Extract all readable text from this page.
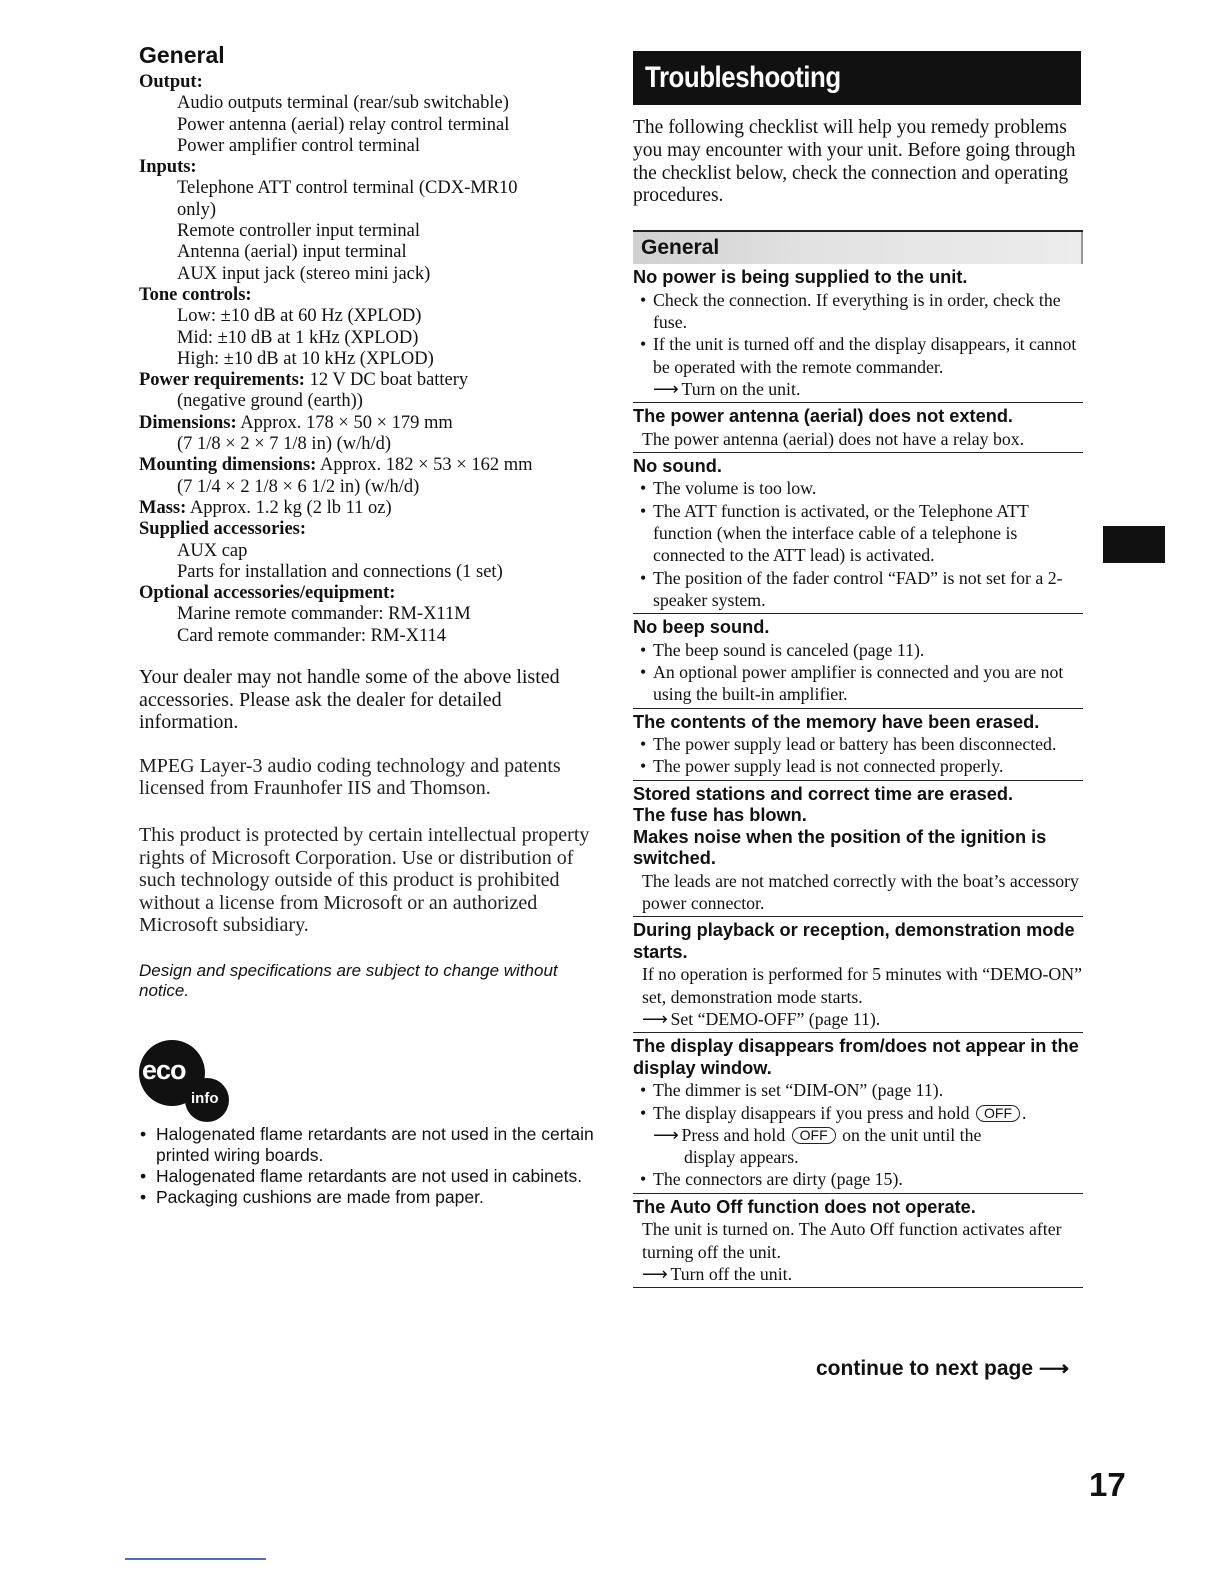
General
Output:
Audio outputs terminal (rear/sub switchable)
Power antenna (aerial) relay control terminal
Power amplifier control terminal
Inputs:
Telephone ATT control terminal (CDX-MR10
only)
Remote controller input terminal
Antenna (aerial) input terminal
AUX input jack (stereo mini jack)
Tone controls:
Low: ±10 dB at 60 Hz (XPLOD)
Mid: ±10 dB at 1 kHz (XPLOD)
High: ±10 dB at 10 kHz (XPLOD)
Power requirements: 12 V DC boat battery
(negative ground (earth))
Dimensions: Approx. 178 × 50 × 179 mm
(7 1/8 × 2 × 7 1/8 in) (w/h/d)
Mounting dimensions: Approx. 182 × 53 × 162 mm
(7 1/4 × 2 1/8 × 6 1/2 in) (w/h/d)
Mass: Approx. 1.2 kg (2 lb 11 oz)
Supplied accessories:
AUX cap
Parts for installation and connections (1 set)
Optional accessories/equipment:
Marine remote commander: RM-X11M
Card remote commander: RM-X114

Your dealer may not handle some of the above listed accessories. Please ask the dealer for detailed information.

MPEG Layer-3 audio coding technology and patents licensed from Fraunhofer IIS and Thomson.

This product is protected by certain intellectual property rights of Microsoft Corporation. Use or distribution of such technology outside of this product is prohibited without a license from Microsoft or an authorized Microsoft subsidiary.

Design and specifications are subject to change without notice.
eco
info
• Halogenated flame retardants are not used in the certain printed wiring boards.
• Halogenated flame retardants are not used in cabinets.
• Packaging cushions are made from paper.
Troubleshooting
The following checklist will help you remedy problems you may encounter with your unit. Before going through the checklist below, check the connection and operating procedures.
General
No power is being supplied to the unit.
• Check the connection. If everything is in order, check the fuse.
• If the unit is turned off and the display disappears, it cannot be operated with the remote commander.
⟶ Turn on the unit.
The power antenna (aerial) does not extend.
The power antenna (aerial) does not have a relay box.
No sound.
• The volume is too low.
• The ATT function is activated, or the Telephone ATT function (when the interface cable of a telephone is connected to the ATT lead) is activated.
• The position of the fader control “FAD” is not set for a 2-speaker system.
No beep sound.
• The beep sound is canceled (page 11).
• An optional power amplifier is connected and you are not using the built-in amplifier.
The contents of the memory have been erased.
• The power supply lead or battery has been disconnected.
• The power supply lead is not connected properly.
Stored stations and correct time are erased.
The fuse has blown.
Makes noise when the position of the ignition is switched.
The leads are not matched correctly with the boat’s accessory power connector.
During playback or reception, demonstration mode starts.
If no operation is performed for 5 minutes with “DEMO-ON” set, demonstration mode starts.
⟶ Set “DEMO-OFF” (page 11).
The display disappears from/does not appear in the display window.
• The dimmer is set “DIM-ON” (page 11).
• The display disappears if you press and hold OFF .
⟶ Press and hold OFF on the unit until the
display appears.
• The connectors are dirty (page 15).
The Auto Off function does not operate.
The unit is turned on. The Auto Off function activates after turning off the unit.
⟶ Turn off the unit.
continue to next page ⟶
17
